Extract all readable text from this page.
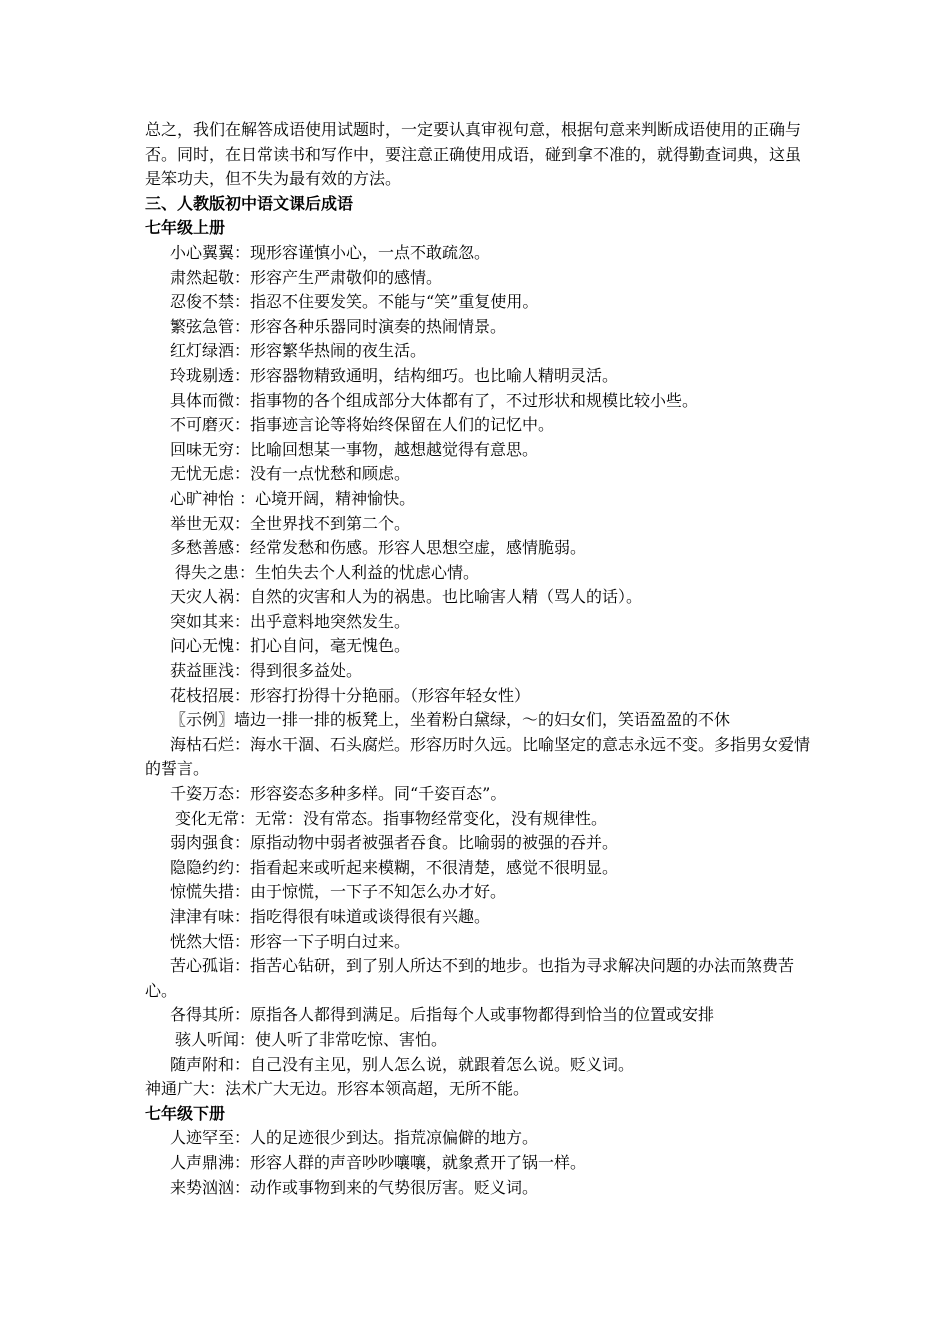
总之，我们在解答成语使用试题时，一定要认真审视句意，根据句意来判断成语使用的正确与否。同时，在日常读书和写作中，要注意正确使用成语，碰到拿不准的，就得勤查词典，这虽是笨功夫，但不失为最有效的方法。

三、人教版初中语文课后成语

七年级上册

小心翼翼：现形容谨慎小心，一点不敢疏忽。

肃然起敬：形容产生严肃敬仰的感情。

忍俊不禁：指忍不住要发笑。不能与“笑”重复使用。

繁弦急管：形容各种乐器同时演奏的热闹情景。

红灯绿酒：形容繁华热闹的夜生活。

玲珑剔透：形容器物精致通明，结构细巧。也比喻人精明灵活。

具体而微：指事物的各个组成部分大体都有了，不过形状和规模比较小些。

不可磨灭：指事迹言论等将始终保留在人们的记忆中。

回味无穷：比喻回想某一事物，越想越觉得有意思。

无忧无虑：没有一点忧愁和顾虑。

心旷神怡 ：心境开阔，精神愉快。

举世无双：全世界找不到第二个。

多愁善感：经常发愁和伤感。形容人思想空虚，感情脆弱。

得失之患：生怕失去个人利益的忧虑心情。

天灾人祸：自然的灾害和人为的祸患。也比喻害人精（骂人的话）。

突如其来：出乎意料地突然发生。

问心无愧：扪心自问，毫无愧色。

获益匪浅：得到很多益处。

花枝招展：形容打扮得十分艳丽。（形容年轻女性）

〖示例〗墙边一排一排的板凳上，坐着粉白黛绿，～的妇女们，笑语盈盈的不休

海枯石烂：海水干涸、石头腐烂。形容历时久远。比喻坚定的意志永远不变。多指男女爱情的誓言。

千姿万态：形容姿态多种多样。同“千姿百态”。

变化无常：无常：没有常态。指事物经常变化，没有规律性。

弱肉强食：原指动物中弱者被强者吞食。比喻弱的被强的吞并。

隐隐约约：指看起来或听起来模糊，不很清楚，感觉不很明显。

惊慌失措：由于惊慌，一下子不知怎么办才好。

津津有味：指吃得很有味道或谈得很有兴趣。

恍然大悟：形容一下子明白过来。

苦心孤诣：指苦心钻研，到了别人所达不到的地步。也指为寻求解决问题的办法而煞费苦心。

各得其所：原指各人都得到满足。后指每个人或事物都得到恰当的位置或安排

骇人听闻：使人听了非常吃惊、害怕。

随声附和：自己没有主见，别人怎么说，就跟着怎么说。贬义词。

神通广大：法术广大无边。形容本领高超，无所不能。

七年级下册

人迹罕至：人的足迹很少到达。指荒凉偏僻的地方。

人声鼎沸：形容人群的声音吵吵嚷嚷，就象煮开了锅一样。

来势汹汹：动作或事物到来的气势很厉害。贬义词。
